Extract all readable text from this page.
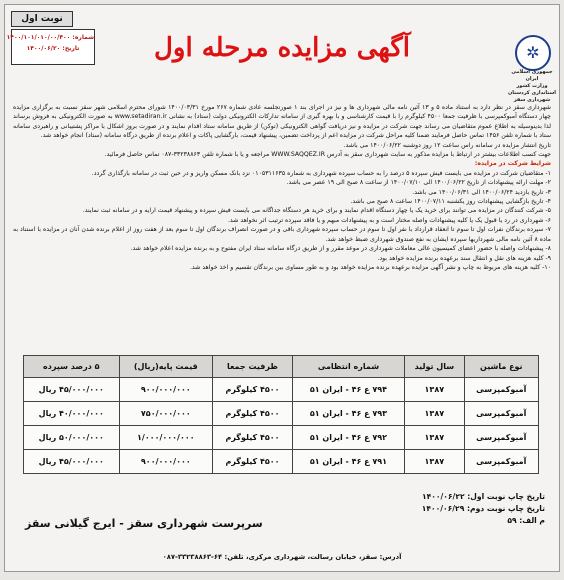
نوبت اول
شماره: ۱۴۰۰/۱۰۱/۰۱۰/۰۰/۴۰۰
تاریخ: ۱۴۰۰/۰۶/۲۰	آگهی مزایده مرحله اول	✲
جمهوری اسلامی ایران
وزارت کشور
استانداری کردستان
شهرداری سقز

شهرداری سقز در نظر دارد به استناد ماده ۵ و ۱۳ آئین نامه مالی شهرداری ها و نیز در اجرای بند ۱ صورتجلسه عادی شماره ۲۶۷ مورخ ۱۴۰۰/۰۳/۳۱ شورای محترم اسلامی شهر سقز نسبت به برگزاری مزایده چهار دستگاه آمبوکمپرسی با ظرفیت جمعا ۴۵۰۰ کیلوگرم را با قیمت کارشناسی و با بهره گیری از سامانه تدارکات الکترونیکی دولت (ستاد) به نشانی www.setadiran.ir به صورت الکترونیکی به فروش برساند لذا بدینوسیله به اطلاع عموم متقاضیان می رساند جهت شرکت در مزایده و نیز دریافت گواهی الکترونیکی (توکن) از طریق سامانه ستاد اقدام نمایند و در صورت بروز اشکال با مراکز پشتیبانی و راهبردی سامانه ستاد با شماره تلفن ۱۴۵۶ تماس حاصل فرمایند ضمنا کلیه مراحل شرکت در مزایده اعم از پرداخت تضمین، پیشنهاد قیمت، بارگشایی پاکات و اعلام برنده از طریق درگاه سامانه (ستاد) انجام خواهد شد.

تاریخ انتشار مزایده در سامانه راس ساعت ۱۲ روز دوشنبه ۱۴۰۰/۰۶/۲۲ می باشد.

جهت کسب اطلاعات بیشتر در ارتباط با مزایده مذکور به سایت شهرداری سقز به آدرس WWW.SAQQEZ.IR مراجعه و یا با شماره تلفن ۳۳۲۳۸۸۶۳-۰۸۷ تماس حاصل فرمائید.

شرایط شرکت در مزایده:

۱- متقاضیان شرکت در مزایده می بایست فیش سپرده ۵ درصد را به حساب سپرده شهرداری به شماره ۰۱۰۵۳۱۱۶۳۵ نزد بانک مسکن واریز و در حین ثبت در سامانه بارگذاری گردد.

۲- مهلت ارائه پیشنهادات از تاریخ ۱۴۰۰/۰۶/۲۲ الی ۱۴۰۰/۰۷/۱۰ از ساعت ۸ صبح الی ۱۹ عصر می باشد.

۳- تاریخ بازدید ۱۴۰۰/۰۶/۲۴ الی ۱۴۰۰/۰۶/۳۱ می باشد.

۴- تاریخ بازگشایی پیشنهادات روز یکشنبه ۱۴۰۰/۰۷/۱۱ ساعت ۸ صبح می باشد.

۵- شرکت کنندگان در مزایده می توانند برای خرید یک یا چهار دستگاه اقدام نمایند و برای خرید هر دستگاه جداگانه می بایست فیش سپرده و پیشنهاد قیمت ارایه و در سامانه ثبت نمایند.

۶- شهرداری در رد یا قبول یک یا کلیه پیشنهادات واصله مختار است و به پیشنهادات مبهم و یا فاقد سپرده ترتیب اثر نخواهد شد.

۷- سپرده برندگان نفرات اول تا سوم تا انعقاد قرارداد با نفر اول تا سوم در حساب سپرده شهرداری باقی و در صورت انصراف برندگان اول تا سوم بعد از هفت روز از اعلام برنده شدن آنان در مزایده با استناد به ماده ۸ آئین نامه مالی شهرداریها سپرده ایشان به نفع صندوق شهرداری ضبط خواهد شد.

۸- پیشنهادات واصله با حضور اعضای کمیسیون عالی معاملات شهرداری در موعد مقرر و از طریق درگاه سامانه ستاد ایران مفتوح و به برنده مزایده اعلام خواهد شد.

۹- کلیه هزینه های نقل و انتقال سند برعهده برنده مزایده خواهد بود.

۱۰- کلیه هزینه های مربوط به چاپ و نشر آگهی مزایده برعهده برنده مزایده خواهد بود و به طور مساوی بین برندگان تقسیم و اخذ خواهد شد.

نوع ماشین	سال تولید	شماره انتظامی	ظرفیت جمعا	قیمت پایه(ریال)	۵ درصد سپرده
آمبوکمپرسی	۱۳۸۷	۷۹۴ ع ۴۶ - ایران ۵۱	۴۵۰۰ کیلوگرم	۹۰۰/۰۰۰/۰۰۰	۴۵/۰۰۰/۰۰۰ ریال
آمبوکمپرسی	۱۳۸۷	۷۹۳ ع ۴۶ - ایران ۵۱	۴۵۰۰ کیلوگرم	۷۵۰/۰۰۰/۰۰۰	۴۰/۰۰۰/۰۰۰ ریال
آمبوکمپرسی	۱۳۸۷	۷۹۲ ع ۴۶ - ایران ۵۱	۴۵۰۰ کیلوگرم	۱/۰۰۰/۰۰۰/۰۰۰	۵۰/۰۰۰/۰۰۰ ریال
آمبوکمپرسی	۱۳۸۷	۷۹۱ ع ۴۶ - ایران ۵۱	۴۵۰۰ کیلوگرم	۹۰۰/۰۰۰/۰۰۰	۴۵/۰۰۰/۰۰۰ ریال
تاریخ چاپ نوبت اول: ۱۴۰۰/۰۶/۲۲
تاریخ چاپ نوبت دوم: ۱۴۰۰/۰۶/۲۹
م الف: ۵۹
سرپرست شهرداری سقز - ایرج گیلانی سقز
آدرس: سقز، خیابان رسالت، شهرداری مرکزی، تلفن: ۶۴-۳۳۲۳۸۸۶۳-۰۸۷
